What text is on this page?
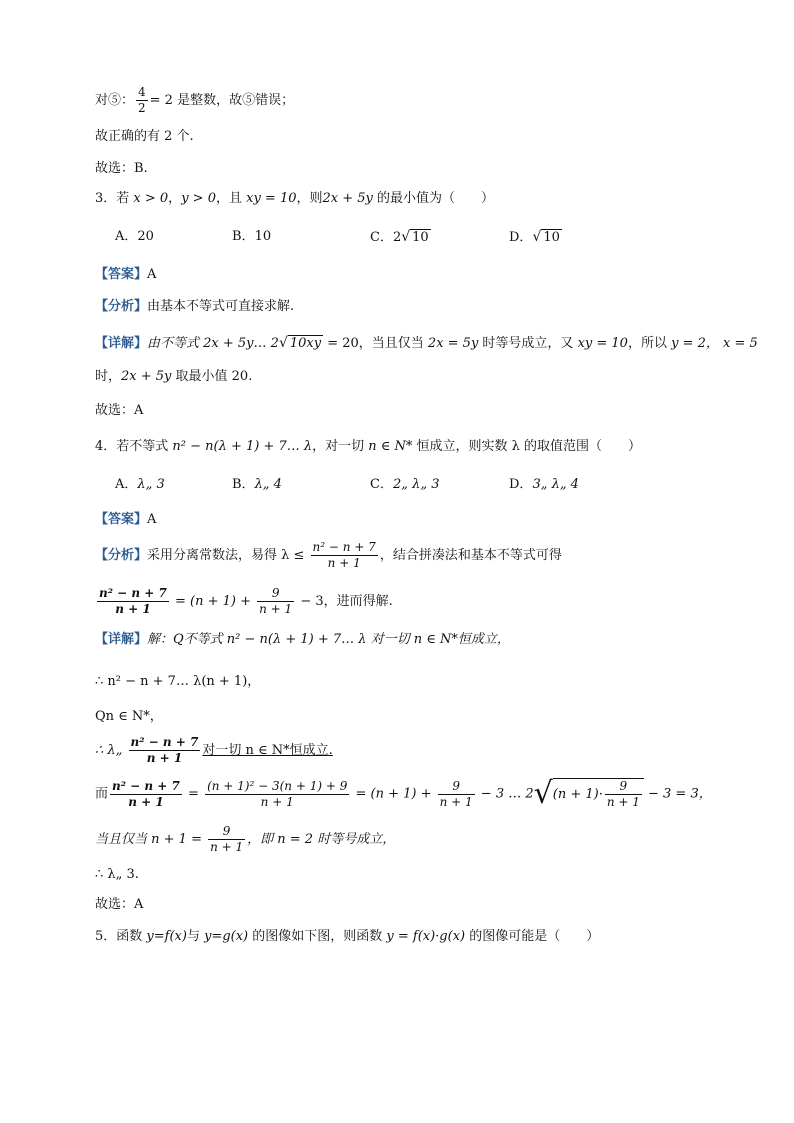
对⑤： $\frac{4}{2} = 2$ 是整数，故⑤错误；
故正确的有 2 个.
故选：B.
3．若 x > 0，y > 0，且 xy = 10，则2x + 5y 的最小值为（　　）
A．20	B．10	C．2√ 10	D．√ 10
【答案】A
【分析】由基本不等式可直接求解.
【详解】由不等式 2x + 5y… 2√ 10xy = 20，当且仅当 2x = 5y 时等号成立，又 xy = 10，所以 y = 2， x = 5
时，2x + 5y 取最小值 20.
故选：A
4．若不等式 n² − n(λ + 1) + 7… λ，对一切 n ∈ N* 恒成立，则实数 λ 的取值范围（　　）
A．λ„ 3	B．λ„ 4	C．2„ λ„ 3	D．3„ λ„ 4
【答案】A
【分析】采用分离常数法，易得 $\lambda \le \frac{\text{n² − n + 7}}{n + 1}$ ，结合拼凑法和基本不等式可得
$\frac{\text{n² − n + 7}}{n + 1} = (n + 1) + \frac{9}{n + 1} - 3$，进而得解.
【详解】解：Q不等式 n² − n(λ + 1) + 7… λ 对一切 n ∈ N*恒成立，
∴ n² − n + 7… λ(n + 1)，
Qn ∈ N*，
∴ λ„ $\frac{\text{n² − n + 7}}{n + 1}$ 对一切 n ∈ N*恒成立.
而 $\frac{\text{n² − n + 7}}{n + 1} = \frac{\text{(n + 1)² − 3(n + 1) + 9}}{n + 1} = (n + 1) + \frac{9}{n + 1} - 3$ … $2√(n + 1)\cdot \frac{9}{n + 1} - 3 = 3$，
当且仅当 $n + 1 = \frac{9}{n + 1}$ ，即 n = 2 时等号成立，
∴ λ„ 3.
故选：A
5．函数 y=f(x)与 y=g(x) 的图像如下图，则函数 y = f(x)·g(x) 的图像可能是（　　）
